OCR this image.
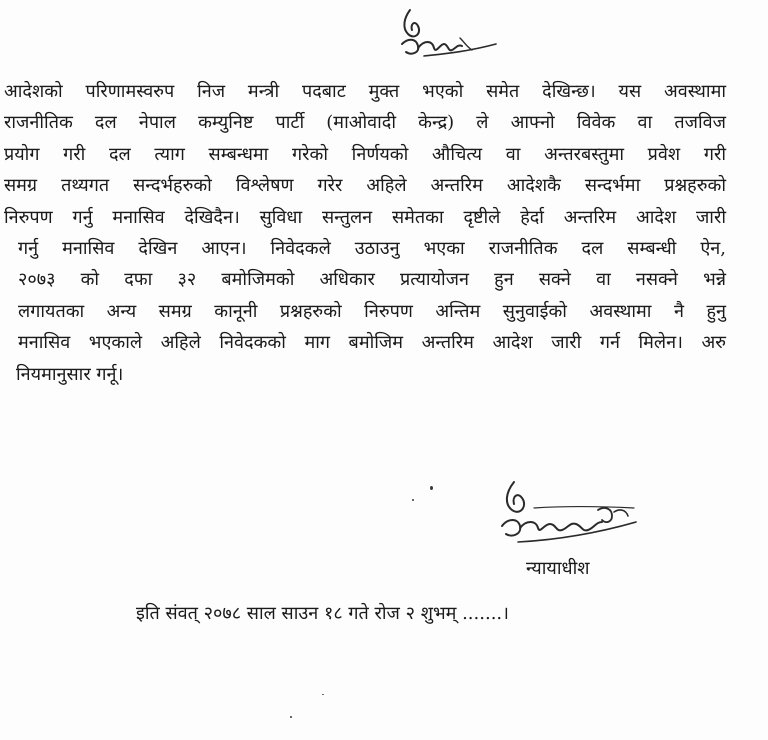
आदेशको परिणामस्वरुप निज मन्त्री पदबाट मुक्त भएको समेत देखिन्छ। यस अवस्थामा
राजनीतिक दल नेपाल कम्युनिष्ट पार्टी (माओवादी केन्द्र) ले आफ्नो विवेक वा तजविज
प्रयोग गरी दल त्याग सम्बन्धमा गरेको निर्णयको औचित्य वा अन्तरबस्तुमा प्रवेश गरी
समग्र तथ्यगत सन्दर्भहरुको विश्लेषण गरेर अहिले अन्तरिम आदेशकै सन्दर्भमा प्रश्नहरुको
निरुपण गर्नु मनासिव देखिदैन। सुविधा सन्तुलन समेतका दृष्टीले हेर्दा अन्तरिम आदेश जारी
गर्नु मनासिव देखिन आएन। निवेदकले उठाउनु भएका राजनीतिक दल सम्बन्धी ऐन,
२०७३ को दफा ३२ बमोजिमको अधिकार प्रत्यायोजन हुन सक्ने वा नसक्ने भन्ने
लगायतका अन्य समग्र कानूनी प्रश्नहरुको निरुपण अन्तिम सुनुवाईको अवस्थामा नै हुनु
मनासिव भएकाले अहिले निवेदकको माग बमोजिम अन्तरिम आदेश जारी गर्न मिलेन। अरु
नियमानुसार गर्नू।
न्यायाधीश
इति संवत् २०७८ साल साउन १८ गते रोज २ शुभम् .......।
